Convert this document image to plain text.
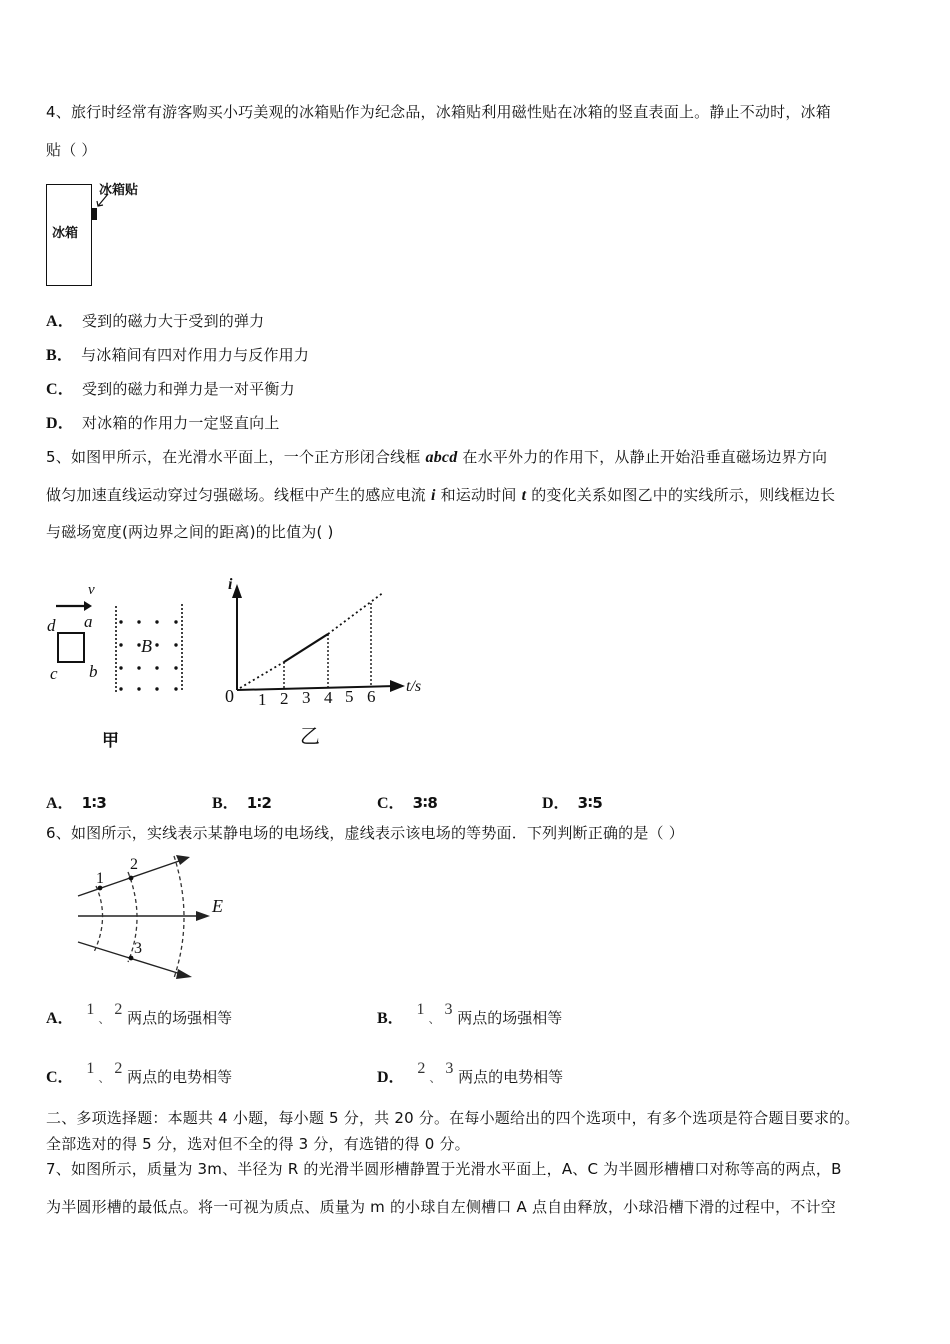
4、旅行时经常有游客购买小巧美观的冰箱贴作为纪念品，冰箱贴利用磁性贴在冰箱的竖直表面上。静止不动时，冰箱
贴（ ）
冰箱
冰箱贴
A． 受到的磁力大于受到的弹力
B． 与冰箱间有四对作用力与反作用力
C． 受到的磁力和弹力是一对平衡力
D． 对冰箱的作用力一定竖直向上
5、如图甲所示，在光滑水平面上，一个正方形闭合线框 abcd 在水平外力的作用下，从静止开始沿垂直磁场边界方向
做匀加速直线运动穿过匀强磁场。线框中产生的感应电流 i 和运动时间 t 的变化关系如图乙中的实线所示，则线框边长
与磁场宽度(两边界之间的距离)的比值为( )
v
d a
c b
B
甲
i
t/s
0 1 2 3 4 5 6
乙
A． 1∶3	B． 1∶2	C． 3∶8	D． 3∶5
6、如图所示，实线表示某静电场的电场线，虚线表示该电场的等势面．下列判断正确的是（ ）
1
2
3
E
A． 1、2 两点的场强相等	B． 1、3 两点的场强相等
C． 1、2 两点的电势相等	D． 2、3 两点的电势相等
二、多项选择题：本题共 4 小题，每小题 5 分，共 20 分。在每小题给出的四个选项中，有多个选项是符合题目要求的。
全部选对的得 5 分，选对但不全的得 3 分，有选错的得 0 分。
7、如图所示，质量为 3m、半径为 R 的光滑半圆形槽静置于光滑水平面上，A、C 为半圆形槽槽口对称等高的两点，B
为半圆形槽的最低点。将一可视为质点、质量为 m 的小球自左侧槽口 A 点自由释放，小球沿槽下滑的过程中，不计空
